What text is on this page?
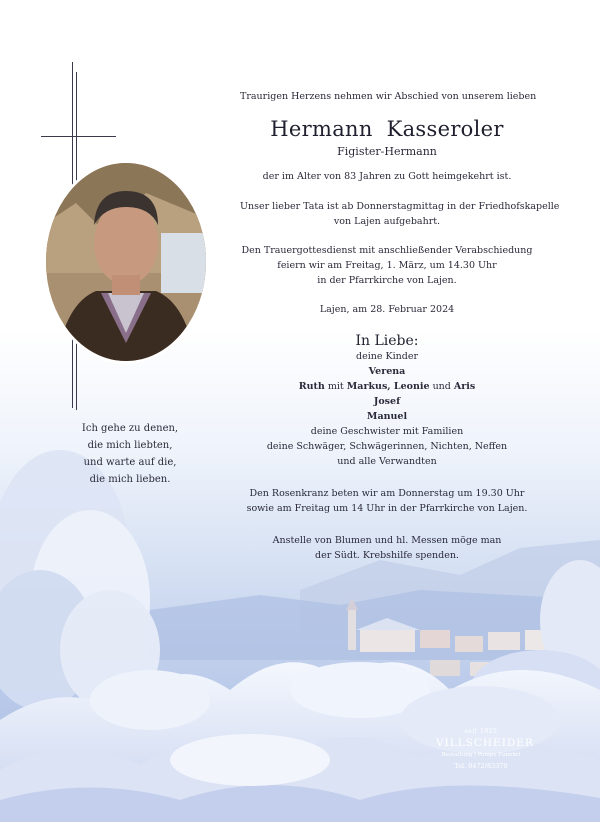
Ich gehe zu denen,
die mich liebten,
und warte auf die,
die mich lieben.
Traurigen Herzens nehmen wir Abschied von unserem lieben
Hermann Kasseroler
Figister-Hermann
der im Alter von 83 Jahren zu Gott heimgekehrt ist.
Unser lieber Tata ist ab Donnerstagmittag in der Friedhofskapelle
von Lajen aufgebahrt.
Den Trauergottesdienst mit anschließender Verabschiedung
feiern wir am Freitag, 1. März, um 14.30 Uhr
in der Pfarrkirche von Lajen.
Lajen, am 28. Februar 2024
In Liebe:
deine Kinder
Verena
Ruth mit Markus, Leonie und Aris
Josef
Manuel
deine Geschwister mit Familien
deine Schwäger, Schwägerinnen, Nichten, Neffen
und alle Verwandten
Den Rosenkranz beten wir am Donnerstag um 19.30 Uhr
sowie am Freitag um 14 Uhr in der Pfarrkirche von Lajen.
Anstelle von Blumen und hl. Messen möge man
der Südt. Krebshilfe spenden.
seit 1925
VILLSCHEIDER
Bestattung | Pompe Funebri
Tel. 0472/83379
